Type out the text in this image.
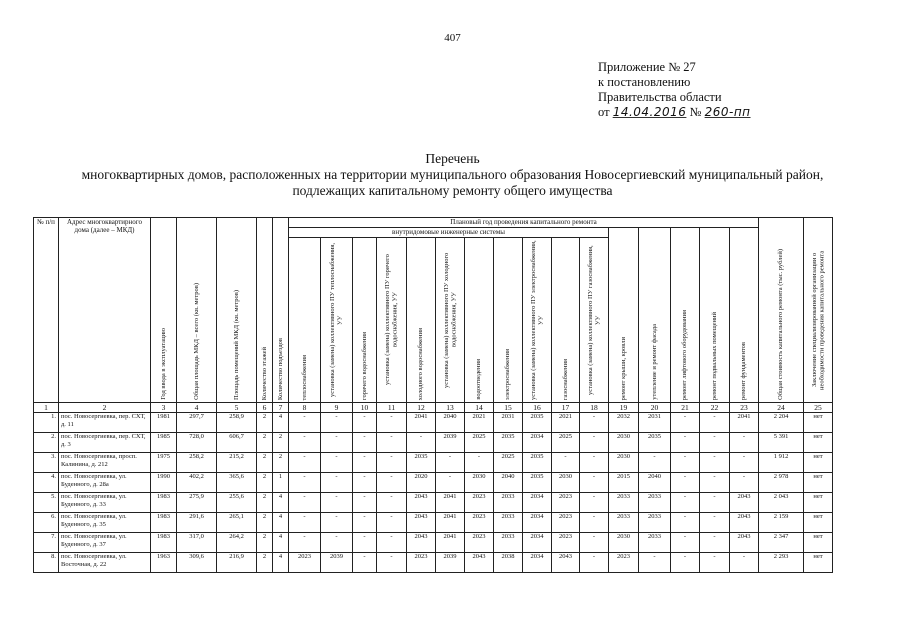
407
Приложение № 27
к постановлению
Правительства области
от 14.04.2016 № 260-пп
Перечень
многоквартирных домов, расположенных на территории муниципального образования Новосергиевский муниципальный район,
подлежащих капитальному ремонту общего имущества
№ п/п	Адрес многоквартирного дома (далее – МКД)	Год ввода в эксплуатацию	Общая площадь МКД – всего (кв. метров)	Площадь помещений МКД (кв. метров)	Количество этажей	Количество подъездов	Плановый год проведения капитального ремонта																Общая стоимость капитального ремонта (тыс. рублей)	Заключение специализированной организации о необходимости проведения капитального ремонта

							внутридомовые инженерные системы											ремонт крыши, кровли	утепление и ремонт фасада	ремонт лифтового оборудования	ремонт подвальных помещений	ремонт фундаментов		

							теплоснабжения	установка (замена) коллективного ПУ теплоснабжения, УУ	горячего водоснабжения	установка (замена) коллективного ПУ горячего водоснабжения, УУ	холодного водоснабжения	установка (замена) коллективного ПУ холодного водоснабжения, УУ	водоотведения	электроснабжения	установка (замена) коллективного ПУ электроснабжения, УУ	газоснабжения	установка (замена) коллективного ПУ газоснабжения, УУ							

1	2	3	4	5	6	7	8	9	10	11	12	13	14	15	16	17	18	19	20	21	22	23	24	25
1.	пос. Новосергиевка, пер. СХТ, д. 11	1981	297,7	258,9	2	4	-	-	-	-	2041	2040	2021	2031	2035	2021	-	2032	2031	-	-	2041	2 204	нет
2.	пос. Новосергиевка, пер. СХТ, д. 3	1985	728,0	606,7	2	2	-	-	-	-	-	2039	2025	2035	2034	2025	-	2030	2035	-	-	-	5 391	нет
3.	пос. Новосергиевка, просп. Калинина, д. 212	1975	258,2	215,2	2	2	-	-	-	-	2035	-	-	2025	2035	-	-	2030	-	-	-	-	1 912	нет
4.	пос. Новосергиевка, ул. Буденного, д. 28а	1990	402,2	365,6	2	1	-	-	-	-	2020	-	2030	2040	2035	2030	-	2015	2040	-	-	-	2 978	нет
5.	пос. Новосергиевка, ул. Буденного, д. 33	1983	275,9	255,6	2	4	-	-	-	-	2043	2041	2023	2033	2034	2023	-	2033	2033	-	-	2043	2 043	нет
6.	пос. Новосергиевка, ул. Буденного, д. 35	1983	291,6	265,1	2	4	-	-	-	-	2043	2041	2023	2033	2034	2023	-	2033	2033	-	-	2043	2 159	нет
7.	пос. Новосергиевка, ул. Буденного, д. 37	1983	317,0	264,2	2	4	-	-	-	-	2043	2041	2023	2033	2034	2023	-	2030	2033	-	-	2043	2 347	нет
8.	пос. Новосергиевка, ул. Восточная, д. 22	1963	309,6	216,9	2	4	2023	2039	-	-	2023	2039	2043	2038	2034	2043	-	2023	-	-	-	-	2 293	нет
